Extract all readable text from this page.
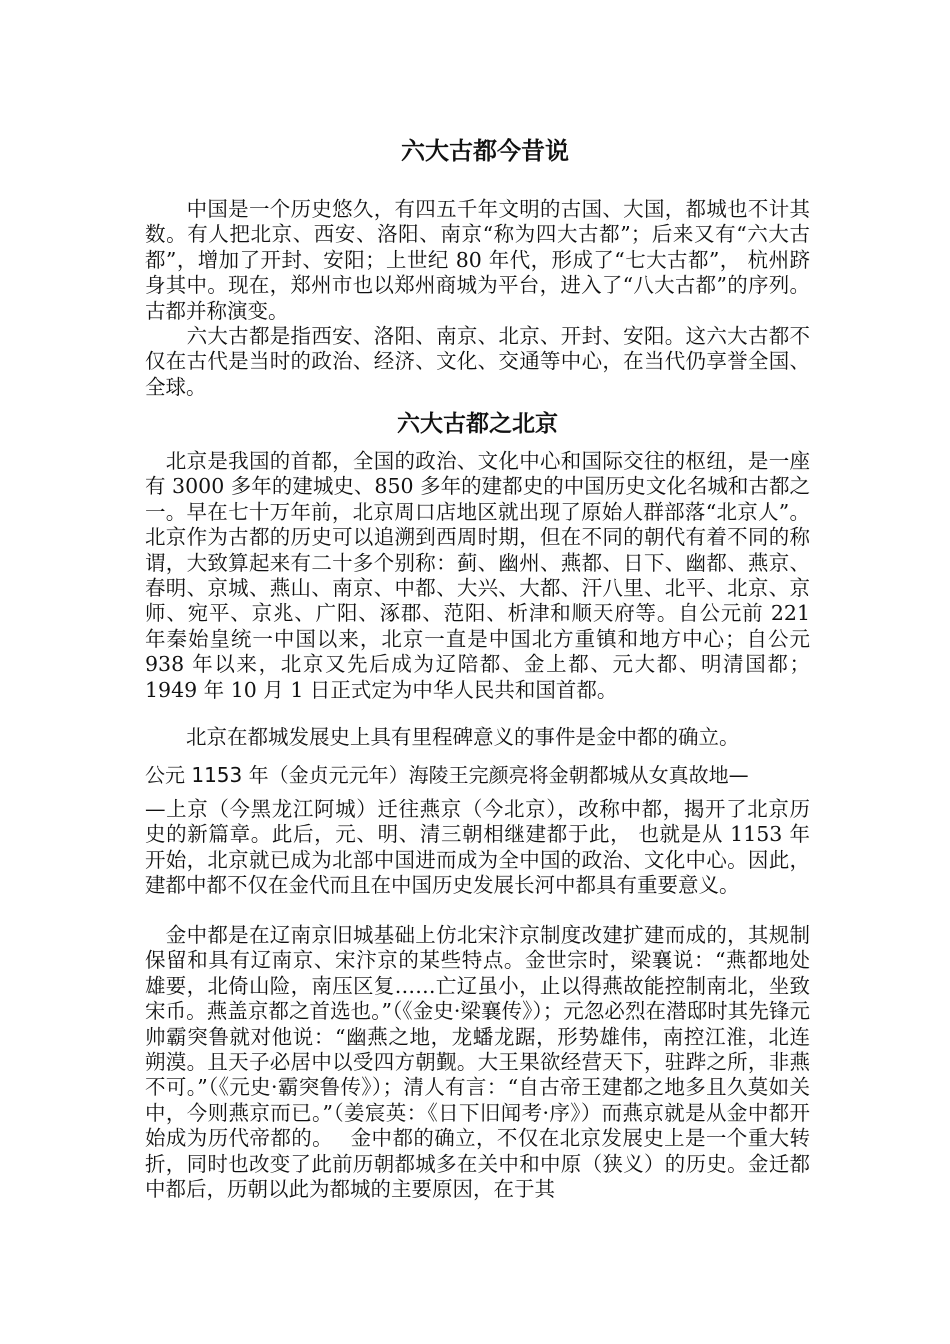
六大古都今昔说

　　中国是一个历史悠久，有四五千年文明的古国、大国，都城也不计其数。有人把北京、西安、洛阳、南京“称为四大古都”；后来又有“六大古都”，增加了开封、安阳；上世纪 80 年代，形成了“七大古都”， 杭州跻身其中。现在，郑州市也以郑州商城为平台，进入了“八大古都”的序列。古都并称演变。

　　六大古都是指西安、洛阳、南京、北京、开封、安阳。这六大古都不仅在古代是当时的政治、经济、文化、交通等中心，在当代仍享誉全国、全球。

六大古都之北京

　北京是我国的首都，全国的政治、文化中心和国际交往的枢纽，是一座有 3000 多年的建城史、850 多年的建都史的中国历史文化名城和古都之一。早在七十万年前，北京周口店地区就出现了原始人群部落“北京人”。北京作为古都的历史可以追溯到西周时期，但在不同的朝代有着不同的称谓，大致算起来有二十多个别称：蓟、幽州、燕都、日下、幽都、燕京、春明、京城、燕山、南京、中都、大兴、大都、汗八里、北平、北京、京师、宛平、京兆、广阳、涿郡、范阳、析津和顺天府等。自公元前 221 年秦始皇统一中国以来，北京一直是中国北方重镇和地方中心；自公元 938 年以来，北京又先后成为辽陪都、金上都、元大都、明清国都；1949 年 10 月 1 日正式定为中华人民共和国首都。

　　北京在都城发展史上具有里程碑意义的事件是金中都的确立。

公元 1153 年（金贞元元年）海陵王完颜亮将金朝都城从女真故地—

—上京（今黑龙江阿城）迁往燕京（今北京），改称中都，揭开了北京历史的新篇章。此后，元、明、清三朝相继建都于此， 也就是从 1153 年开始，北京就已成为北部中国进而成为全中国的政治、文化中心。因此，建都中都不仅在金代而且在中国历史发展长河中都具有重要意义。

　金中都是在辽南京旧城基础上仿北宋汴京制度改建扩建而成的，其规制保留和具有辽南京、宋汴京的某些特点。金世宗时，梁襄说：“燕都地处雄要，北倚山险，南压区复……亡辽虽小，止以得燕故能控制南北，坐致宋币。燕盖京都之首选也。”（《金史·梁襄传》）；元忽必烈在潜邸时其先锋元帅霸突鲁就对他说：“幽燕之地，龙蟠龙踞，形势雄伟，南控江淮，北连朔漠。且天子必居中以受四方朝觐。大王果欲经营天下，驻跸之所，非燕不可。”（《元史·霸突鲁传》）；清人有言：“自古帝王建都之地多且久莫如关中，今则燕京而已。”（姜宸英：《日下旧闻考·序》）而燕京就是从金中都开始成为历代帝都的。　 金中都的确立，不仅在北京发展史上是一个重大转折，同时也改变了此前历朝都城多在关中和中原（狭义）的历史。金迁都中都后，历朝以此为都城的主要原因，在于其
